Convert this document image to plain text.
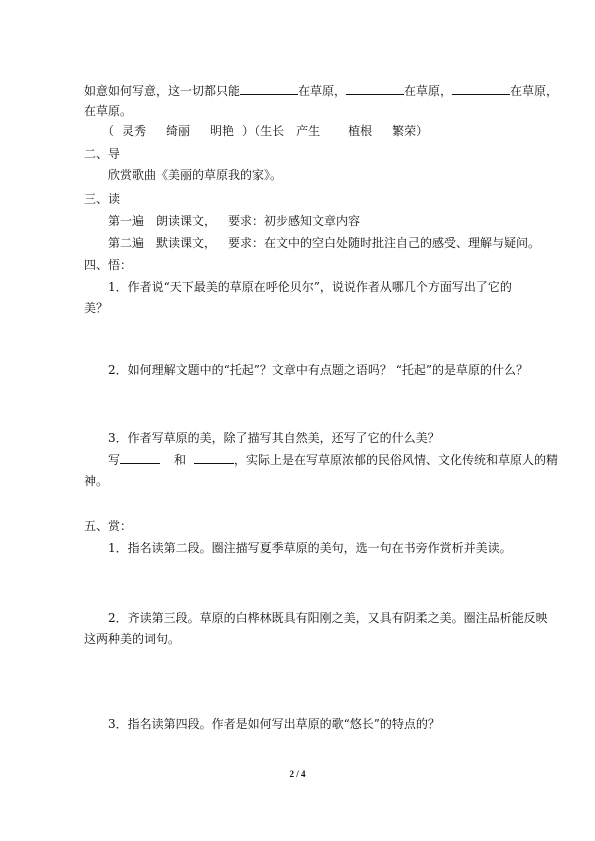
如意如何写意，这一切都只能	在草原，	在草原，	在草原，
在草原。
（ 灵秀 绮丽 明艳 ）（生长 产生 植根 繁荣）
二、导
欣赏歌曲《美丽的草原我的家》。
三、读
第一遍 朗读课文， 要求：初步感知文章内容
第二遍 默读课文， 要求：在文中的空白处随时批注自己的感受、理解与疑问。
四、悟：
1．作者说“天下最美的草原在呼伦贝尔”，说说作者从哪几个方面写出了它的
美？
2．如何理解文题中的“托起”？文章中有点题之语吗？ “托起”的是草原的什么？
3．作者写草原的美，除了描写其自然美，还写了它的什么美？
写	和	，实际上是在写草原浓郁的民俗风情、文化传统和草原人的精
神。
五、赏：
1．指名读第二段。圈注描写夏季草原的美句，选一句在书旁作赏析并美读。
2．齐读第三段。草原的白桦林既具有阳刚之美，又具有阴柔之美。圈注品析能反映
这两种美的词句。
3．指名读第四段。作者是如何写出草原的歌“悠长”的特点的？
2 / 4
